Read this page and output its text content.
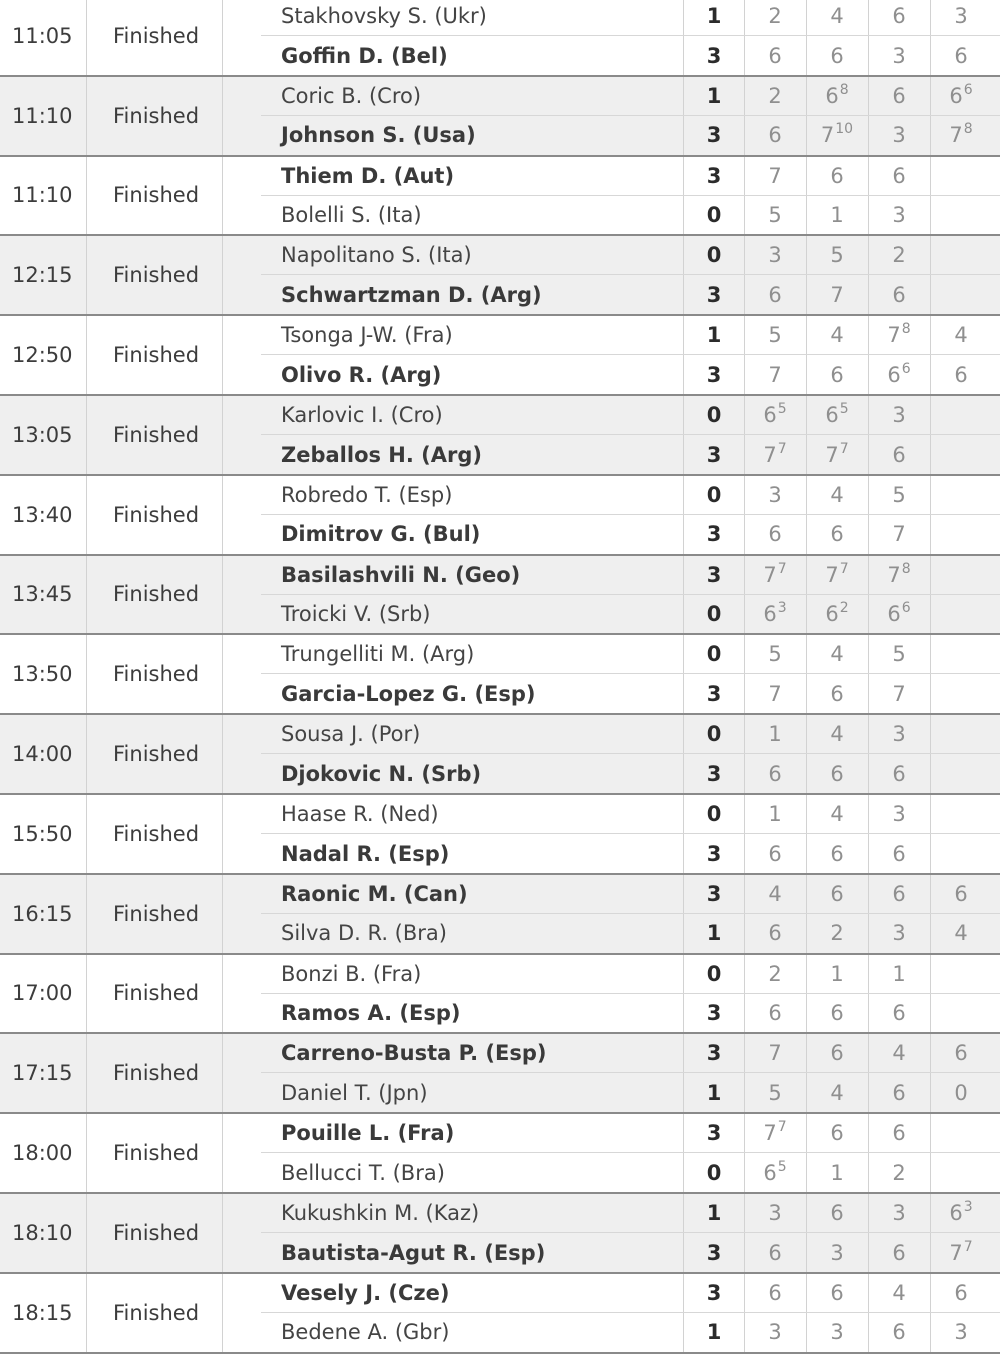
11:05 Finished
Stakhovsky S. (Ukr)	1	2	4	6	3
Goffin D. (Bel)	3	6	6	3	6
11:10 Finished
Coric B. (Cro)	1	2	$6^8$	6	$6^6$
Johnson S. (Usa)	3	6	$7^{10}$	3	$7^8$
11:10 Finished
Thiem D. (Aut)	3	7	6	6
Bolelli S. (Ita)	0	5	1	3
12:15 Finished
Napolitano S. (Ita)	0	3	5	2
Schwartzman D. (Arg)	3	6	7	6
12:50 Finished
Tsonga J-W. (Fra)	1	5	4	$7^8$	4
Olivo R. (Arg)	3	7	6	$6^6$	6
13:05 Finished
Karlovic I. (Cro)	0	$6^5$	$6^5$	3
Zeballos H. (Arg)	3	$7^7$	$7^7$	6
13:40 Finished
Robredo T. (Esp)	0	3	4	5
Dimitrov G. (Bul)	3	6	6	7
13:45 Finished
Basilashvili N. (Geo)	3	$7^7$	$7^7$	$7^8$
Troicki V. (Srb)	0	$6^3$	$6^2$	$6^6$
13:50 Finished
Trungelliti M. (Arg)	0	5	4	5
Garcia-Lopez G. (Esp)	3	7	6	7
14:00 Finished
Sousa J. (Por)	0	1	4	3
Djokovic N. (Srb)	3	6	6	6
15:50 Finished
Haase R. (Ned)	0	1	4	3
Nadal R. (Esp)	3	6	6	6
16:15 Finished
Raonic M. (Can)	3	4	6	6	6
Silva D. R. (Bra)	1	6	2	3	4
17:00 Finished
Bonzi B. (Fra)	0	2	1	1
Ramos A. (Esp)	3	6	6	6
17:15 Finished
Carreno-Busta P. (Esp)	3	7	6	4	6
Daniel T. (Jpn)	1	5	4	6	0
18:00 Finished
Pouille L. (Fra)	3	$7^7$	6	6
Bellucci T. (Bra)	0	$6^5$	1	2
18:10 Finished
Kukushkin M. (Kaz)	1	3	6	3	$6^3$
Bautista-Agut R. (Esp)	3	6	3	6	$7^7$
18:15 Finished
Vesely J. (Cze)	3	6	6	4	6
Bedene A. (Gbr)	1	3	3	6	3
